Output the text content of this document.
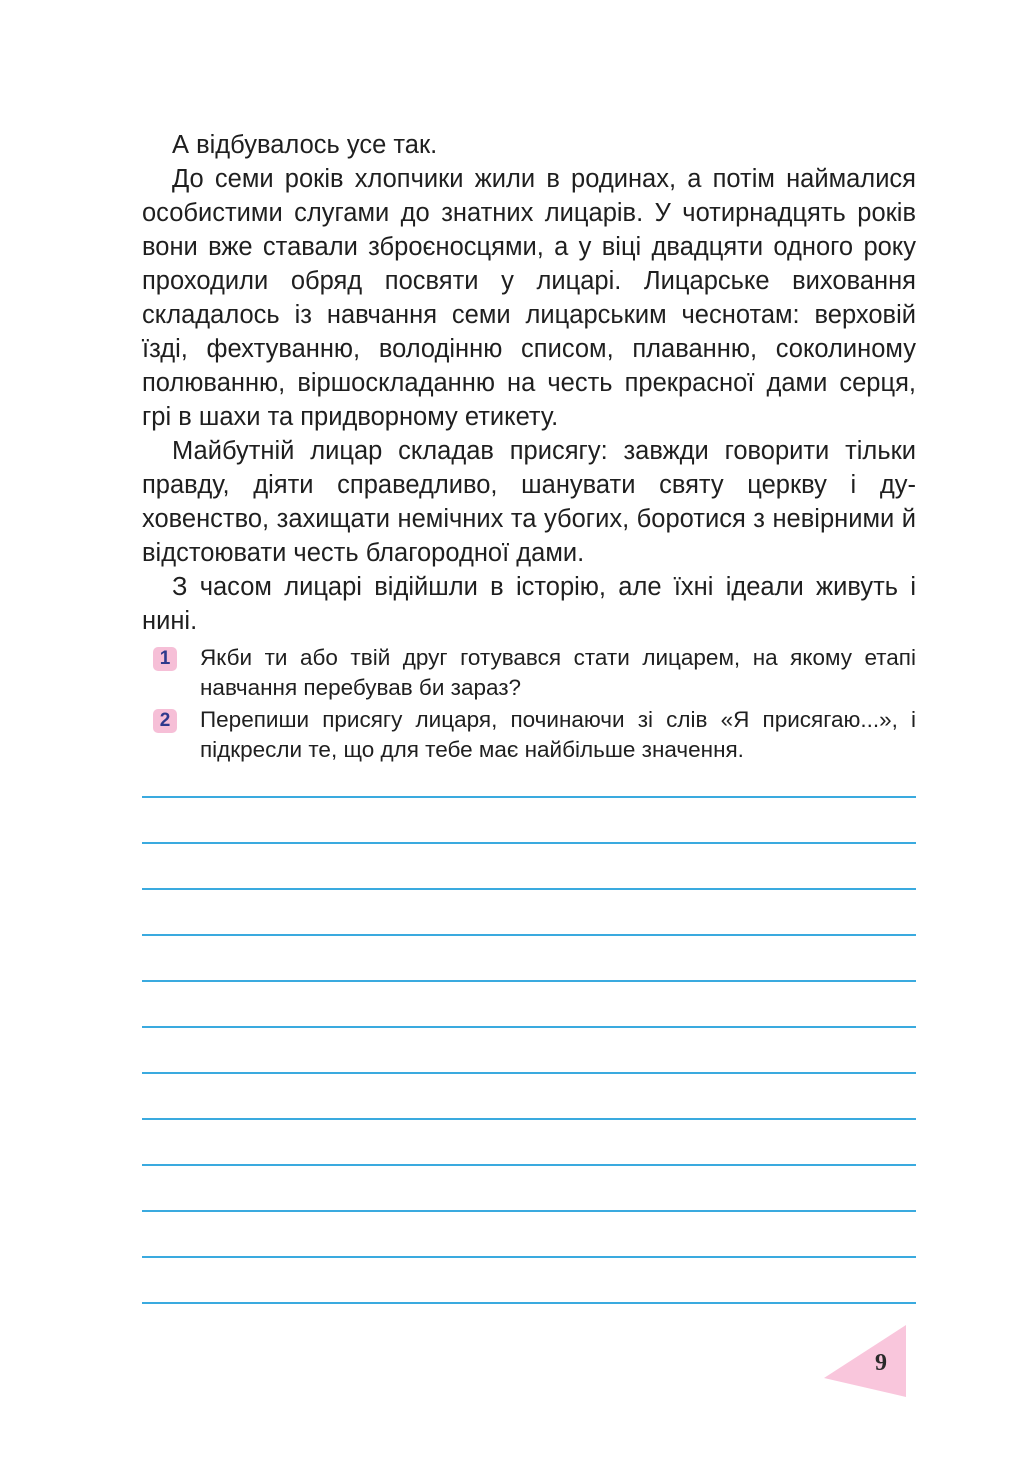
А відбувалось усе так.

До семи років хлопчики жили в родинах, а потім наймалися особистими слугами до знатних лицарів. У чотирнадцять років вони вже ставали зброєносцями, а у віці двадцяти одного року проходили обряд посвяти у лицарі. Лицарське виховання складалось із навчання семи лицарським чеснотам: верховій їзді, фехтуванню, володінню списом, плаванню, соколиному полюванню, віршоскладанню на честь прекрасної дами серця, грі в шахи та придворному етикету.

Майбутній лицар складав присягу: завжди говорити тільки правду, діяти справедливо, шанувати святу церкву і духовенство, захищати немічних та убогих, боротися з невірними й відстоювати честь благородної дами.

З часом лицарі відійшли в історію, але їхні ідеали живуть і нині.

1 Якби ти або твій друг готувався стати лицарем, на якому етапі навчання перебував би зараз?
2 Перепиши присягу лицаря, починаючи зі слів «Я присягаю...», і підкресли те, що для тебе має найбільше значення.
9
